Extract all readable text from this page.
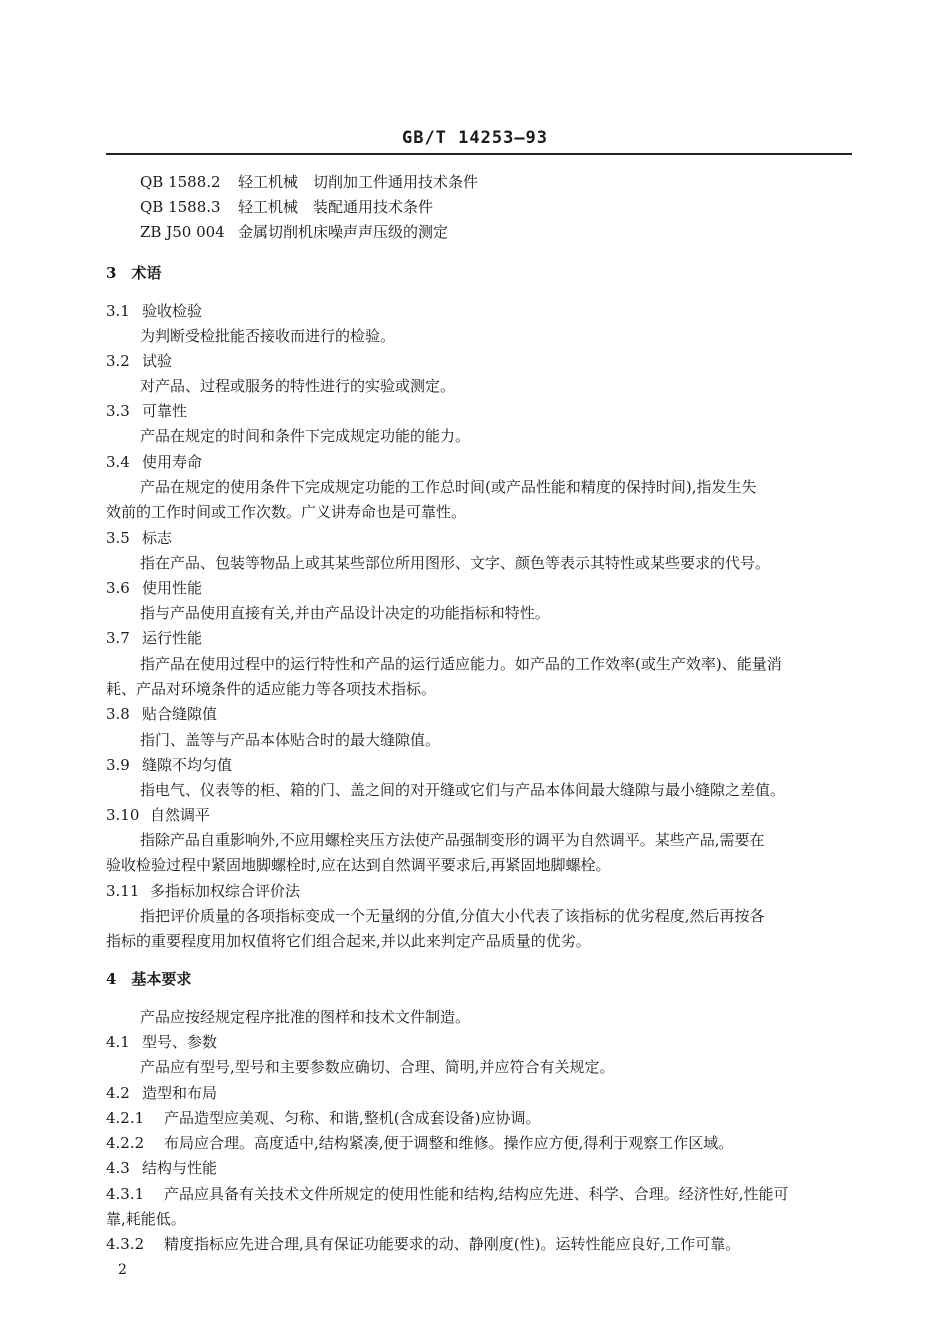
GB/T 14253—93
QB 1588.2 轻工机械　切削加工件通用技术条件
QB 1588.3 轻工机械　装配通用技术条件
ZB J50 004 金属切削机床噪声声压级的测定
3　术语
3.1 验收检验
为判断受检批能否接收而进行的检验。
3.2 试验
对产品、过程或服务的特性进行的实验或测定。
3.3 可靠性
产品在规定的时间和条件下完成规定功能的能力。
3.4 使用寿命
产品在规定的使用条件下完成规定功能的工作总时间(或产品性能和精度的保持时间),指发生失
效前的工作时间或工作次数。广义讲寿命也是可靠性。
3.5 标志
指在产品、包装等物品上或其某些部位所用图形、文字、颜色等表示其特性或某些要求的代号。
3.6 使用性能
指与产品使用直接有关,并由产品设计决定的功能指标和特性。
3.7 运行性能
指产品在使用过程中的运行特性和产品的运行适应能力。如产品的工作效率(或生产效率)、能量消
耗、产品对环境条件的适应能力等各项技术指标。
3.8 贴合缝隙值
指门、盖等与产品本体贴合时的最大缝隙值。
3.9 缝隙不均匀值
指电气、仪表等的柜、箱的门、盖之间的对开缝或它们与产品本体间最大缝隙与最小缝隙之差值。
3.10 自然调平
指除产品自重影响外,不应用螺栓夹压方法使产品强制变形的调平为自然调平。某些产品,需要在
验收检验过程中紧固地脚螺栓时,应在达到自然调平要求后,再紧固地脚螺栓。
3.11 多指标加权综合评价法
指把评价质量的各项指标变成一个无量纲的分值,分值大小代表了该指标的优劣程度,然后再按各
指标的重要程度用加权值将它们组合起来,并以此来判定产品质量的优劣。
4　基本要求
产品应按经规定程序批准的图样和技术文件制造。
4.1 型号、参数
产品应有型号,型号和主要参数应确切、合理、简明,并应符合有关规定。
4.2 造型和布局
4.2.1 产品造型应美观、匀称、和谐,整机(含成套设备)应协调。
4.2.2 布局应合理。高度适中,结构紧凑,便于调整和维修。操作应方便,得利于观察工作区域。
4.3 结构与性能
4.3.1 产品应具备有关技术文件所规定的使用性能和结构,结构应先进、科学、合理。经济性好,性能可
靠,耗能低。
4.3.2 精度指标应先进合理,具有保证功能要求的动、静刚度(性)。运转性能应良好,工作可靠。
2
